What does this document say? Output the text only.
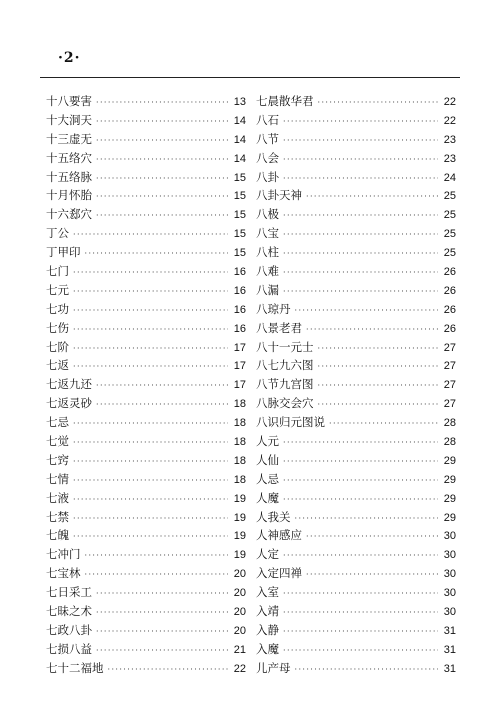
·2·
十八要害 ·····	13
十大洞天 ·····	14
十三虚无 ·····	14
十五络穴 ·····	14
十五络脉 ·····	15
十月怀胎 ·····	15
十六郄穴 ·····	15
丁公 ·····	15
丁甲印 ·····	15
七门 ·····	16
七元 ·····	16
七功 ·····	16
七伤 ·····	16
七阶 ·····	17
七返 ·····	17
七返九还 ·····	17
七返灵砂 ·····	18
七忌 ·····	18
七觉 ·····	18
七窍 ·····	18
七情 ·····	18
七液 ·····	19
七禁 ·····	19
七魄 ·····	19
七冲门 ·····	19
七宝林 ·····	20
七日采工 ·····	20
七昧之术 ·····	20
七政八卦 ·····	20
七损八益 ·····	21
七十二福地 ·····	22
七晨散华君 ·····	22
八石 ·····	22
八节 ·····	23
八会 ·····	23
八卦 ·····	24
八卦天神 ·····	25
八极 ·····	25
八宝 ·····	25
八柱 ·····	25
八难 ·····	26
八漏 ·····	26
八琼丹 ·····	26
八景老君 ·····	26
八十一元士 ·····	27
八七九六图 ·····	27
八节九宫图 ·····	27
八脉交会穴 ·····	27
八识归元图说 ·····	28
人元 ·····	28
人仙 ·····	29
人忌 ·····	29
人魔 ·····	29
人我关 ·····	29
人神感应 ·····	30
人定 ·····	30
入定四禅 ·····	30
入室 ·····	30
入靖 ·····	30
入静 ·····	31
入魔 ·····	31
儿产母 ·····	31
